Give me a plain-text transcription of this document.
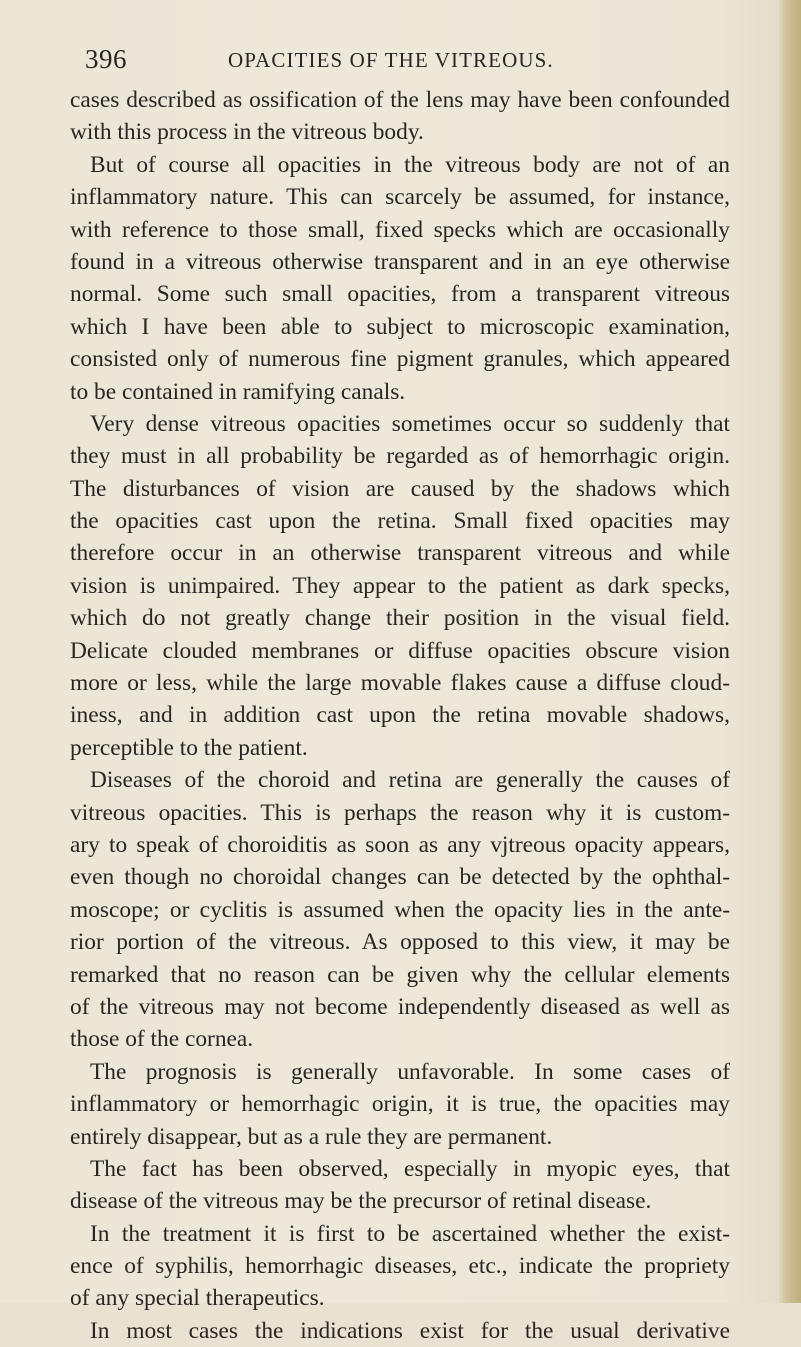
396	OPACITIES OF THE VITREOUS.
cases described as ossification of the lens may have been confounded
with this process in the vitreous body.
But of course all opacities in the vitreous body are not of an
inflammatory nature. This can scarcely be assumed, for instance,
with reference to those small, fixed specks which are occasionally
found in a vitreous otherwise transparent and in an eye otherwise
normal. Some such small opacities, from a transparent vitreous
which I have been able to subject to microscopic examination,
consisted only of numerous fine pigment granules, which appeared
to be contained in ramifying canals.
Very dense vitreous opacities sometimes occur so suddenly that
they must in all probability be regarded as of hemorrhagic origin.
The disturbances of vision are caused by the shadows which
the opacities cast upon the retina. Small fixed opacities may
therefore occur in an otherwise transparent vitreous and while
vision is unimpaired. They appear to the patient as dark specks,
which do not greatly change their position in the visual field.
Delicate clouded membranes or diffuse opacities obscure vision
more or less, while the large movable flakes cause a diffuse cloud-
iness, and in addition cast upon the retina movable shadows,
perceptible to the patient.
Diseases of the choroid and retina are generally the causes of
vitreous opacities. This is perhaps the reason why it is custom-
ary to speak of choroiditis as soon as any vjtreous opacity appears,
even though no choroidal changes can be detected by the ophthal-
moscope; or cyclitis is assumed when the opacity lies in the ante-
rior portion of the vitreous. As opposed to this view, it may be
remarked that no reason can be given why the cellular elements
of the vitreous may not become independently diseased as well as
those of the cornea.
The prognosis is generally unfavorable. In some cases of
inflammatory or hemorrhagic origin, it is true, the opacities may
entirely disappear, but as a rule they are permanent.
The fact has been observed, especially in myopic eyes, that
disease of the vitreous may be the precursor of retinal disease.
In the treatment it is first to be ascertained whether the exist-
ence of syphilis, hemorrhagic diseases, etc., indicate the propriety
of any special therapeutics.
In most cases the indications exist for the usual derivative
